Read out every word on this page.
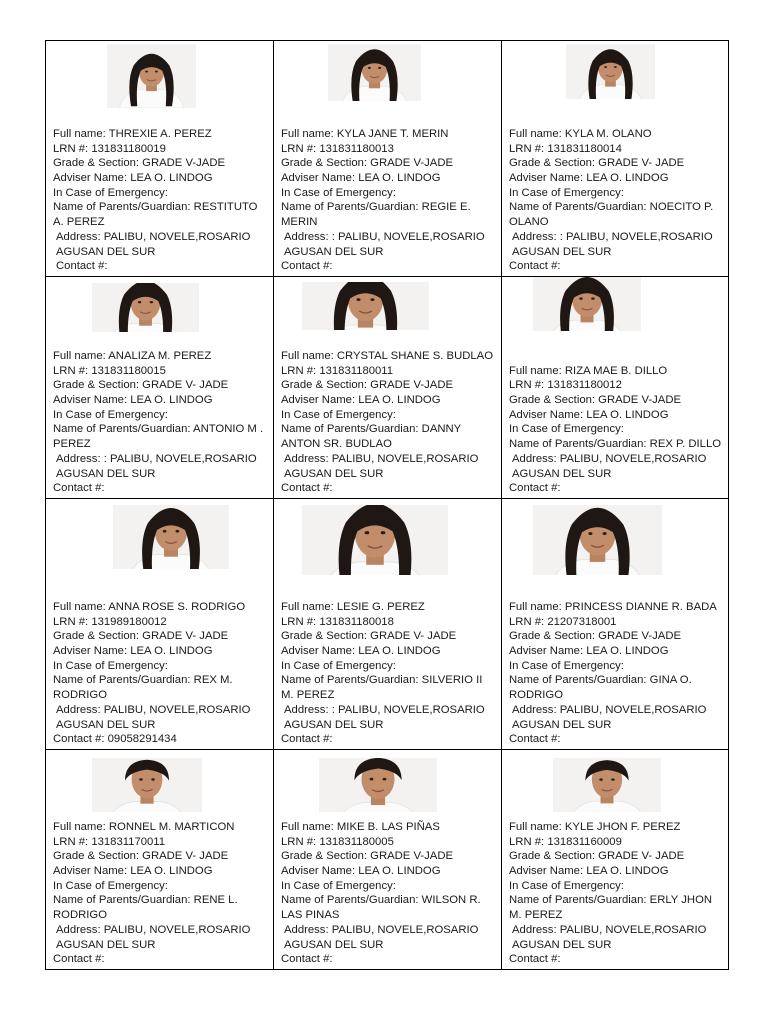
Full name: THREXIE A. PEREZ
LRN #: 131831180019
Grade & Section: GRADE V-JADE
Adviser Name: LEA O. LINDOG
In Case of Emergency:
Name of Parents/Guardian: RESTITUTO A. PEREZ
Address: PALIBU, NOVELE,ROSARIO AGUSAN DEL SUR
Contact #:
Full name: KYLA JANE T. MERIN
LRN #: 131831180013
Grade & Section: GRADE V-JADE
Adviser Name: LEA O. LINDOG
In Case of Emergency:
Name of Parents/Guardian: REGIE E. MERIN
Address: : PALIBU, NOVELE,ROSARIO AGUSAN DEL SUR
Contact #:
Full name: KYLA M. OLANO
LRN #: 131831180014
Grade & Section: GRADE V- JADE
Adviser Name: LEA O. LINDOG
In Case of Emergency:
Name of Parents/Guardian: NOECITO P. OLANO
Address: : PALIBU, NOVELE,ROSARIO AGUSAN DEL SUR
Contact #:
Full name: ANALIZA M. PEREZ
LRN #: 131831180015
Grade & Section: GRADE V- JADE
Adviser Name: LEA O. LINDOG
In Case of Emergency:
Name of Parents/Guardian: ANTONIO M . PEREZ
Address: : PALIBU, NOVELE,ROSARIO AGUSAN DEL SUR
Contact #:
Full name: CRYSTAL SHANE S. BUDLAO
LRN #: 131831180011
Grade & Section: GRADE V-JADE
Adviser Name: LEA O. LINDOG
In Case of Emergency:
Name of Parents/Guardian: DANNY ANTON SR. BUDLAO
Address: PALIBU, NOVELE,ROSARIO AGUSAN DEL SUR
Contact #:
Full name: RIZA MAE B. DILLO
LRN #: 131831180012
Grade & Section: GRADE V-JADE
Adviser Name: LEA O. LINDOG
In Case of Emergency:
Name of Parents/Guardian: REX P. DILLO
Address: PALIBU, NOVELE,ROSARIO AGUSAN DEL SUR
Contact #:
Full name: ANNA ROSE S. RODRIGO
LRN #: 131989180012
Grade & Section: GRADE V- JADE
Adviser Name: LEA O. LINDOG
In Case of Emergency:
Name of Parents/Guardian: REX M. RODRIGO
Address: PALIBU, NOVELE,ROSARIO AGUSAN DEL SUR
Contact #: 09058291434
Full name: LESIE G. PEREZ
LRN #: 131831180018
Grade & Section: GRADE V- JADE
Adviser Name: LEA O. LINDOG
In Case of Emergency:
Name of Parents/Guardian: SILVERIO II M. PEREZ
Address: : PALIBU, NOVELE,ROSARIO AGUSAN DEL SUR
Contact #:
Full name: PRINCESS DIANNE R. BADA
LRN #: 21207318001
Grade & Section: GRADE V-JADE
Adviser Name: LEA O. LINDOG
In Case of Emergency:
Name of Parents/Guardian: GINA O. RODRIGO
Address: PALIBU, NOVELE,ROSARIO AGUSAN DEL SUR
Contact #:
Full name: RONNEL M. MARTICON
LRN #: 131831170011
Grade & Section: GRADE V- JADE
Adviser Name: LEA O. LINDOG
In Case of Emergency:
Name of Parents/Guardian: RENE L. RODRIGO
Address: PALIBU, NOVELE,ROSARIO AGUSAN DEL SUR
Contact #:
Full name: MIKE B. LAS PIÑAS
LRN #: 131831180005
Grade & Section: GRADE V-JADE
Adviser Name: LEA O. LINDOG
In Case of Emergency:
Name of Parents/Guardian: WILSON R. LAS PINAS
Address: PALIBU, NOVELE,ROSARIO AGUSAN DEL SUR
Contact #:
Full name: KYLE JHON F. PEREZ
LRN #: 131831160009
Grade & Section: GRADE V- JADE
Adviser Name: LEA O. LINDOG
In Case of Emergency:
Name of Parents/Guardian: ERLY JHON M. PEREZ
Address: PALIBU, NOVELE,ROSARIO AGUSAN DEL SUR
Contact #:
